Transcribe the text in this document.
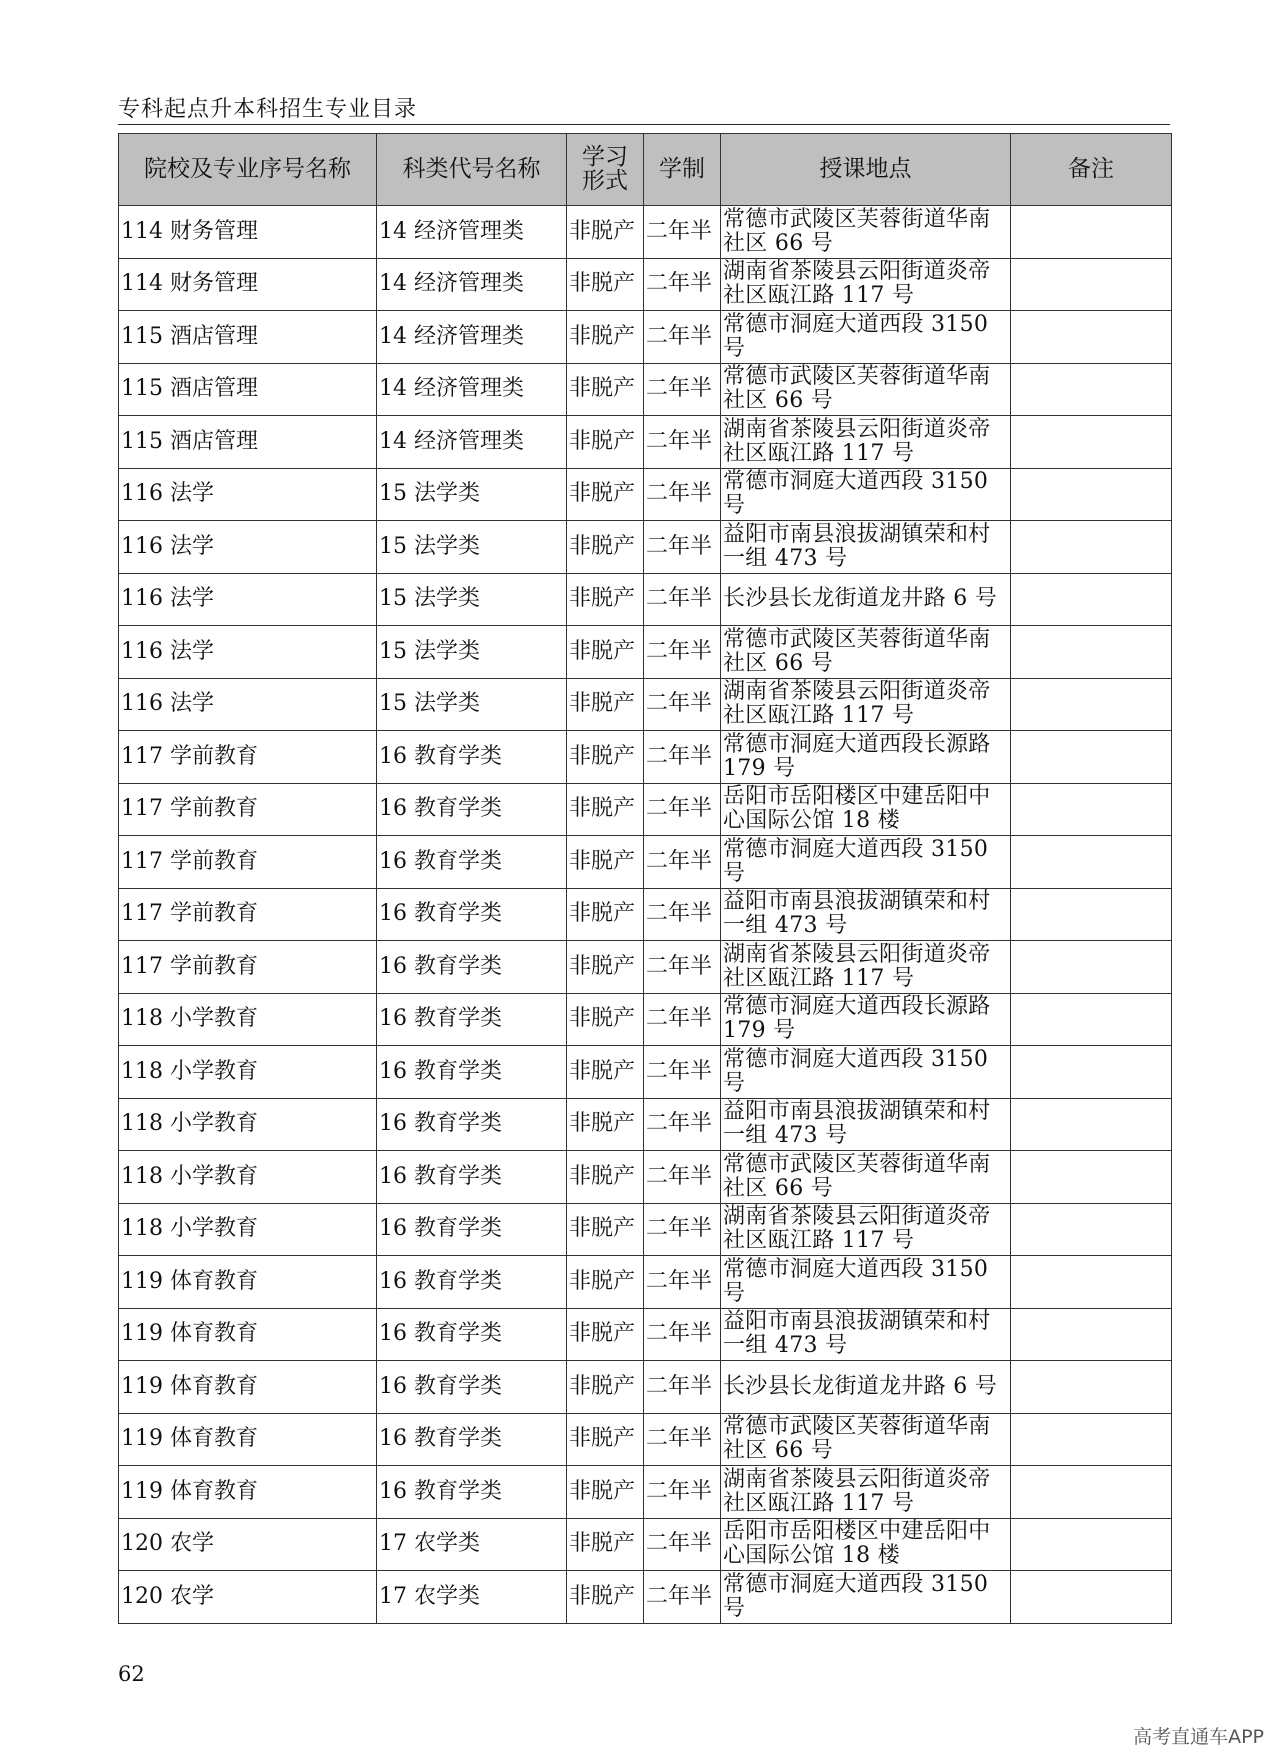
专科起点升本科招生专业目录
院校及专业序号名称	科类代号名称	学习形式	学制	授课地点	备注
114 财务管理	14 经济管理类	非脱产	二年半	常德市武陵区芙蓉街道华南社区 66 号	
114 财务管理	14 经济管理类	非脱产	二年半	湖南省茶陵县云阳街道炎帝社区瓯江路 117 号	
115 酒店管理	14 经济管理类	非脱产	二年半	常德市洞庭大道西段 3150 号	
115 酒店管理	14 经济管理类	非脱产	二年半	常德市武陵区芙蓉街道华南社区 66 号	
115 酒店管理	14 经济管理类	非脱产	二年半	湖南省茶陵县云阳街道炎帝社区瓯江路 117 号	
116 法学	15 法学类	非脱产	二年半	常德市洞庭大道西段 3150 号	
116 法学	15 法学类	非脱产	二年半	益阳市南县浪拔湖镇荣和村一组 473 号	
116 法学	15 法学类	非脱产	二年半	长沙县长龙街道龙井路 6 号	
116 法学	15 法学类	非脱产	二年半	常德市武陵区芙蓉街道华南社区 66 号	
116 法学	15 法学类	非脱产	二年半	湖南省茶陵县云阳街道炎帝社区瓯江路 117 号	
117 学前教育	16 教育学类	非脱产	二年半	常德市洞庭大道西段长源路 179 号	
117 学前教育	16 教育学类	非脱产	二年半	岳阳市岳阳楼区中建岳阳中心国际公馆 18 楼	
117 学前教育	16 教育学类	非脱产	二年半	常德市洞庭大道西段 3150 号	
117 学前教育	16 教育学类	非脱产	二年半	益阳市南县浪拔湖镇荣和村一组 473 号	
117 学前教育	16 教育学类	非脱产	二年半	湖南省茶陵县云阳街道炎帝社区瓯江路 117 号	
118 小学教育	16 教育学类	非脱产	二年半	常德市洞庭大道西段长源路 179 号	
118 小学教育	16 教育学类	非脱产	二年半	常德市洞庭大道西段 3150 号	
118 小学教育	16 教育学类	非脱产	二年半	益阳市南县浪拔湖镇荣和村一组 473 号	
118 小学教育	16 教育学类	非脱产	二年半	常德市武陵区芙蓉街道华南社区 66 号	
118 小学教育	16 教育学类	非脱产	二年半	湖南省茶陵县云阳街道炎帝社区瓯江路 117 号	
119 体育教育	16 教育学类	非脱产	二年半	常德市洞庭大道西段 3150 号	
119 体育教育	16 教育学类	非脱产	二年半	益阳市南县浪拔湖镇荣和村一组 473 号	
119 体育教育	16 教育学类	非脱产	二年半	长沙县长龙街道龙井路 6 号	
119 体育教育	16 教育学类	非脱产	二年半	常德市武陵区芙蓉街道华南社区 66 号	
119 体育教育	16 教育学类	非脱产	二年半	湖南省茶陵县云阳街道炎帝社区瓯江路 117 号	
120 农学	17 农学类	非脱产	二年半	岳阳市岳阳楼区中建岳阳中心国际公馆 18 楼	
120 农学	17 农学类	非脱产	二年半	常德市洞庭大道西段 3150 号	
62
高考直通车APP
